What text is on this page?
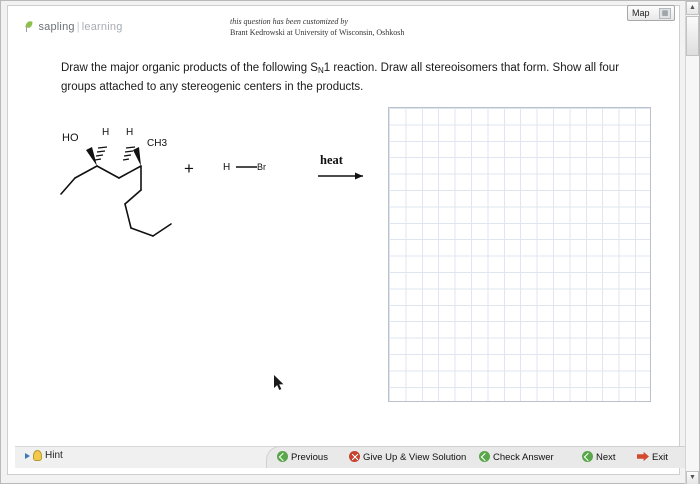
sapling | learning	this question has been customized by
Brant Kedrowski at University of Wisconsin, Oshkosh
Draw the major organic products of the following $S_N1$ reaction. Draw all stereoisomers that form. Show all four groups attached to any stereogenic centers in the products.
HO H H
CH3
+	H	Br	heat
Hint	Previous	Give Up & View Solution	Check Answer	Next	Exit
Map	▦
▲
▼
